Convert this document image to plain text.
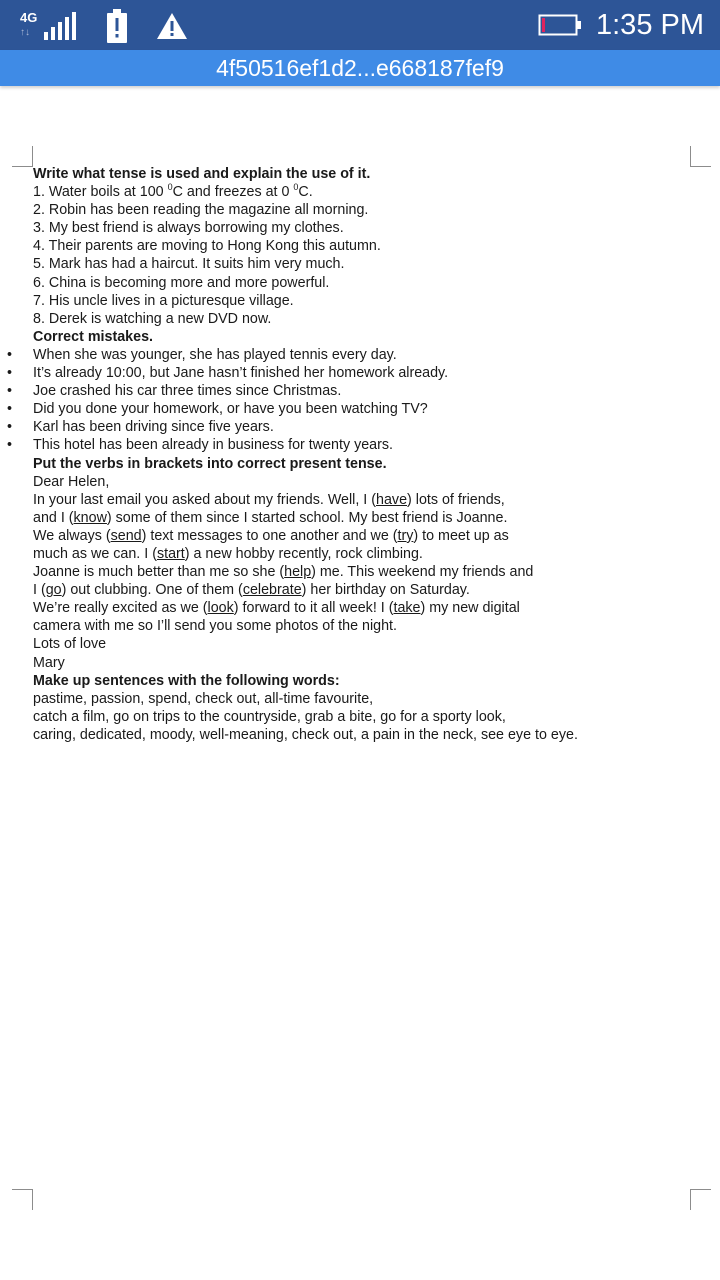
4G
↑↓	1:35 PM
4f50516ef1d2...e668187fef9
Write what tense is used and explain the use of it.
1. Water boils at 100 $^0$C and freezes at 0 $^0$C.
2. Robin has been reading the magazine all morning.
3. My best friend is always borrowing my clothes.
4. Their parents are moving to Hong Kong this autumn.
5. Mark has had a haircut. It suits him very much.
6. China is becoming more and more powerful.
7. His uncle lives in a picturesque village.
8. Derek is watching a new DVD now.
Correct mistakes.
• When she was younger, she has played tennis every day.
• It’s already 10:00, but Jane hasn’t finished her homework already.
• Joe crashed his car three times since Christmas.
• Did you done your homework, or have you been watching TV?
• Karl has been driving since five years.
• This hotel has been already in business for twenty years.
Put the verbs in brackets into correct present tense.
Dear Helen,
In your last email you asked about my friends. Well, I (have) lots of friends,
and I (know) some of them since I started school. My best friend is Joanne.
We always (send) text messages to one another and we (try) to meet up as
much as we can. I (start) a new hobby recently, rock climbing.
Joanne is much better than me so she (help) me. This weekend my friends and
I (go) out clubbing. One of them (celebrate) her birthday on Saturday.
We’re really excited as we (look) forward to it all week! I (take) my new digital
camera with me so I’ll send you some photos of the night.
Lots of love
Mary
Make up sentences with the following words:
pastime, passion, spend, check out, all-time favourite,
catch a film, go on trips to the countryside, grab a bite, go for a sporty look,
caring, dedicated, moody, well-meaning, check out, a pain in the neck, see eye to eye.
